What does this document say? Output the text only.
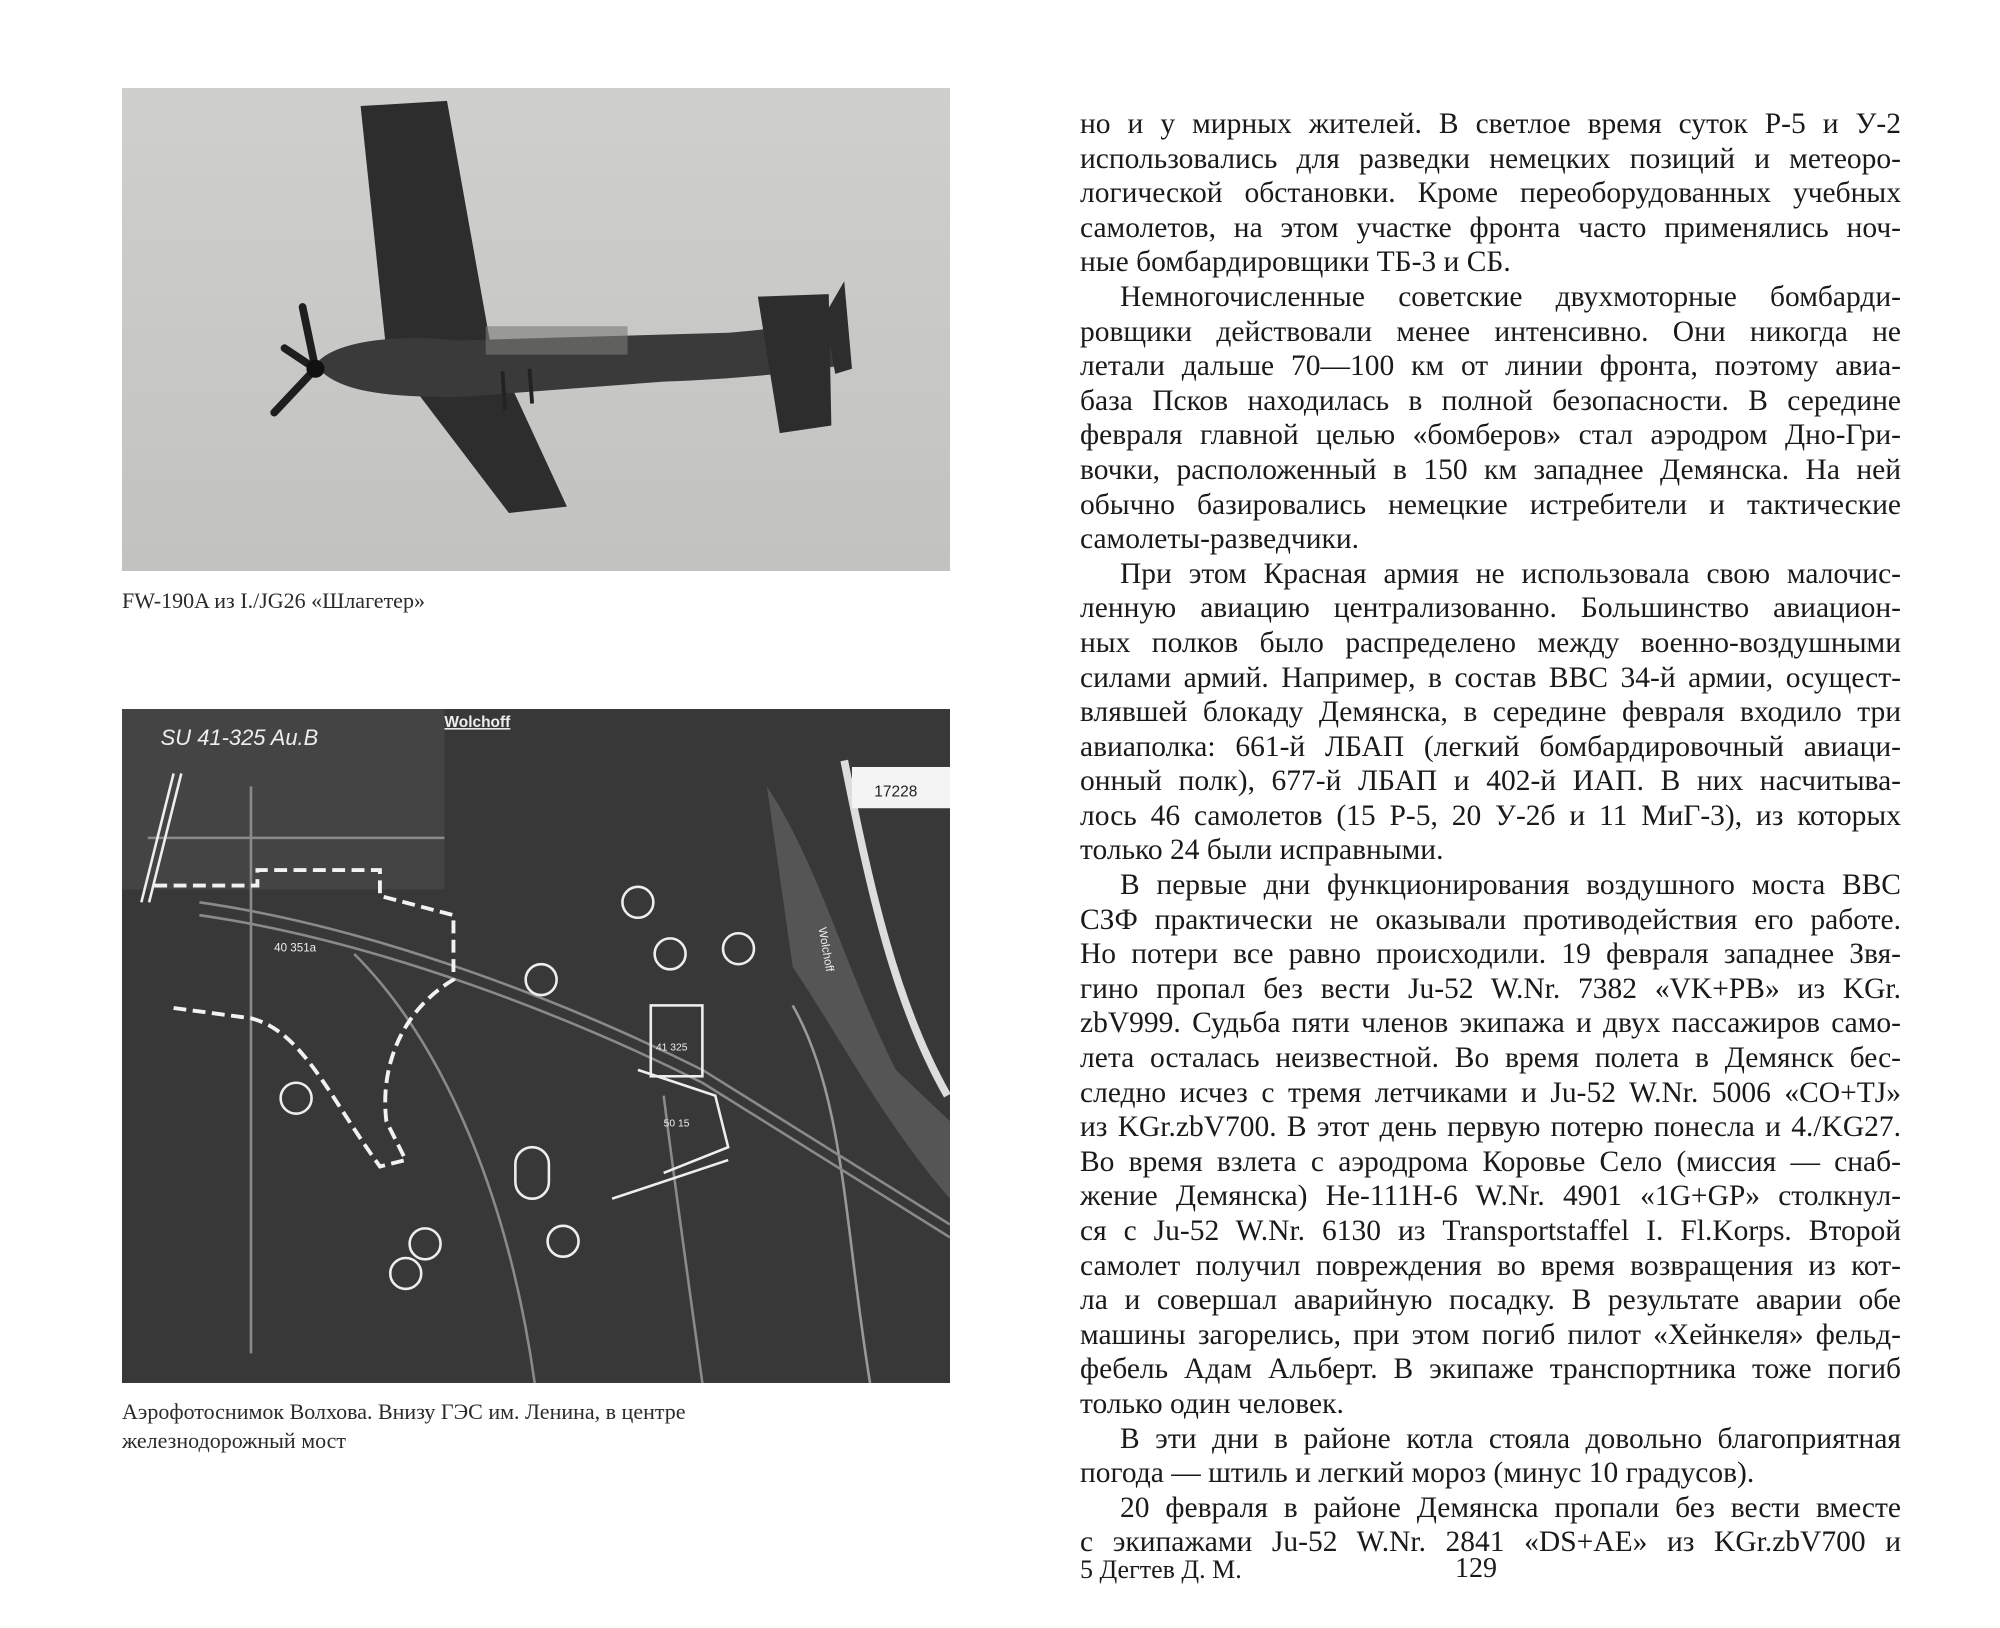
FW-190A из I./JG26 «Шлагетер»
SU 41-325 Au.B
Wolchoff
17228
Wolchoff
40 351a
41 325
50 15
Аэрофотоснимок Волхова. Внизу ГЭС им. Ленина, в центре
железнодорожный мост
но и у мирных жителей. В светлое время суток Р-5 и У-2
использовались для разведки немецких позиций и метеоро-
логической обстановки. Кроме переоборудованных учебных
самолетов, на этом участке фронта часто применялись ноч-
ные бомбардировщики ТБ-3 и СБ.
Немногочисленные советские двухмоторные бомбарди-
ровщики действовали менее интенсивно. Они никогда не
летали дальше 70—100 км от линии фронта, поэтому авиа-
база Псков находилась в полной безопасности. В середине
февраля главной целью «бомберов» стал аэродром Дно-Гри-
вочки, расположенный в 150 км западнее Демянска. На ней
обычно базировались немецкие истребители и тактические
самолеты-разведчики.
При этом Красная армия не использовала свою малочис-
ленную авиацию централизованно. Большинство авиацион-
ных полков было распределено между военно-воздушными
силами армий. Например, в состав ВВС 34-й армии, осущест-
влявшей блокаду Демянска, в середине февраля входило три
авиаполка: 661-й ЛБАП (легкий бомбардировочный авиаци-
онный полк), 677-й ЛБАП и 402-й ИАП. В них насчитыва-
лось 46 самолетов (15 Р-5, 20 У-2б и 11 МиГ-3), из которых
только 24 были исправными.
В первые дни функционирования воздушного моста ВВС
СЗФ практически не оказывали противодействия его работе.
Но потери все равно происходили. 19 февраля западнее Звя-
гино пропал без вести Ju-52 W.Nr. 7382 «VK+PB» из KGr.
zbV999. Судьба пяти членов экипажа и двух пассажиров само-
лета осталась неизвестной. Во время полета в Демянск бес-
следно исчез с тремя летчиками и Ju-52 W.Nr. 5006 «CO+TJ»
из KGr.zbV700. В этот день первую потерю понесла и 4./KG27.
Во время взлета с аэродрома Коровье Село (миссия — снаб-
жение Демянска) He-111H-6 W.Nr. 4901 «1G+GP» столкнул-
ся с Ju-52 W.Nr. 6130 из Transportstaffel I. Fl.Korps. Второй
самолет получил повреждения во время возвращения из кот-
ла и совершал аварийную посадку. В результате аварии обе
машины загорелись, при этом погиб пилот «Хейнкеля» фельд-
фебель Адам Альберт. В экипаже транспортника тоже погиб
только один человек.
В эти дни в районе котла стояла довольно благоприятная
погода — штиль и легкий мороз (минус 10 градусов).
20 февраля в районе Демянска пропали без вести вместе
с экипажами Ju-52 W.Nr. 2841 «DS+AE» из KGr.zbV700 и
5 Дегтев Д. М.	129
